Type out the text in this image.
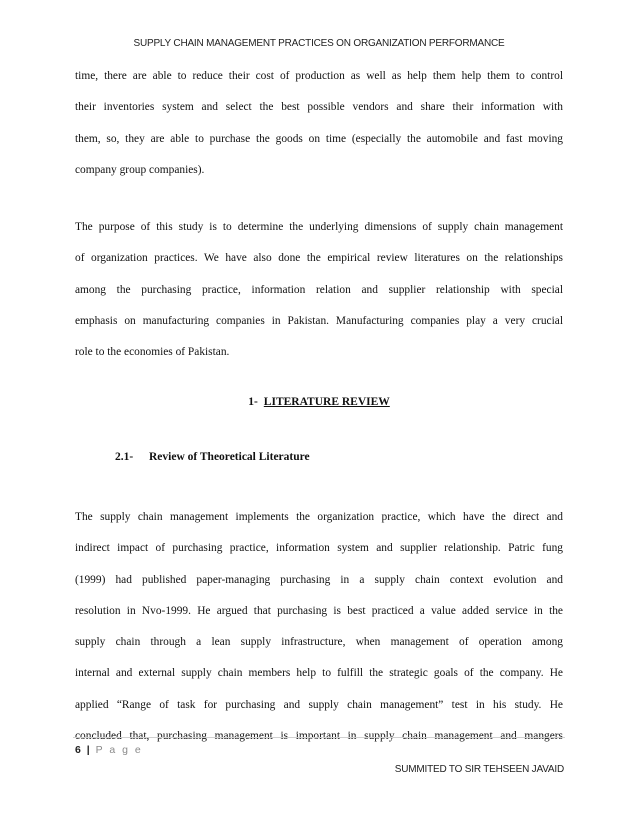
SUPPLY CHAIN MANAGEMENT PRACTICES ON ORGANIZATION PERFORMANCE
time, there are able to reduce their cost of production as well as help them help them to control
their inventories system and select the best possible vendors and share their information with
them, so, they are able to purchase the goods on time (especially the automobile and fast moving
company group companies).
The purpose of this study is to determine the underlying dimensions of supply chain management
of organization practices. We have also done the empirical review literatures on the relationships
among the purchasing practice, information relation and supplier relationship with special
emphasis on manufacturing companies in Pakistan. Manufacturing companies play a very crucial
role to the economies of Pakistan.
1- LITERATURE REVIEW
2.1- Review of Theoretical Literature
The supply chain management implements the organization practice, which have the direct and
indirect impact of purchasing practice, information system and supplier relationship. Patric fung
(1999) had published paper-managing purchasing in a supply chain context evolution and
resolution in Nvo-1999. He argued that purchasing is best practiced a value added service in the
supply chain through a lean supply infrastructure, when management of operation among
internal and external supply chain members help to fulfill the strategic goals of the company. He
applied “Range of task for purchasing and supply chain management” test in his study. He
concluded that, purchasing management is important in supply chain management and mangers
6 | P a g e
SUMMITED TO SIR TEHSEEN JAVAID
